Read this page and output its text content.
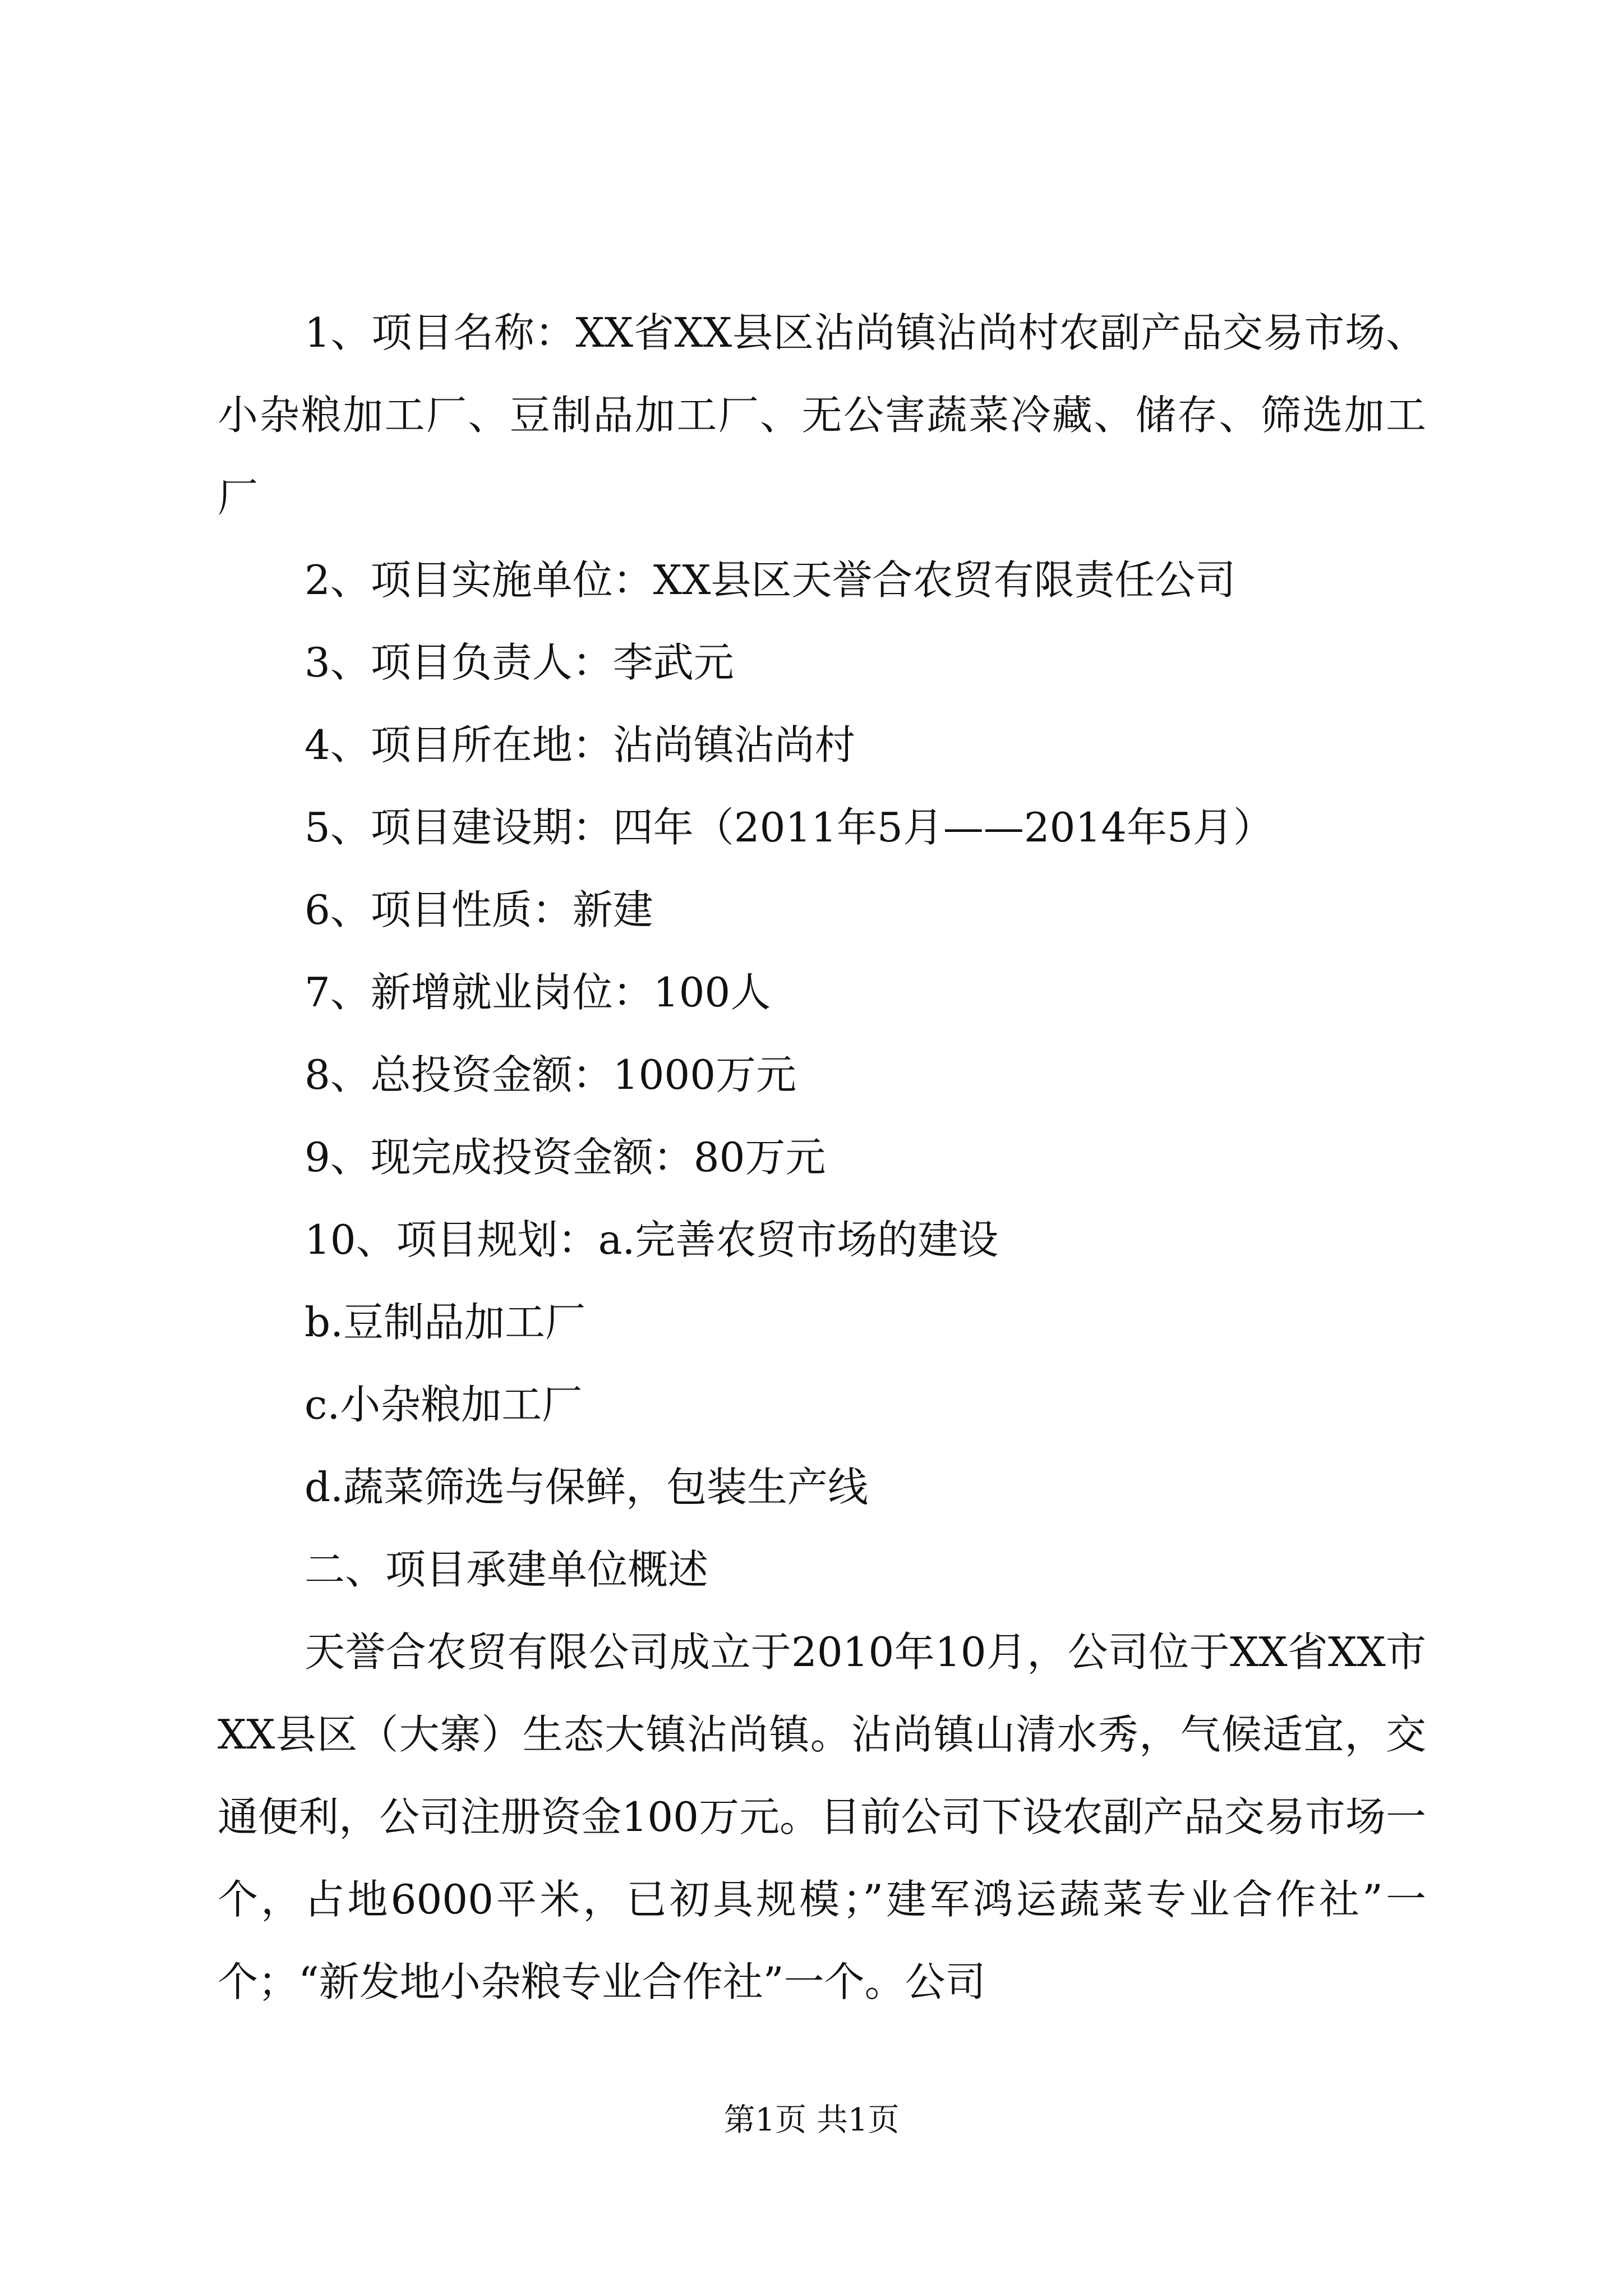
1、项目名称：XX省XX县区沾尚镇沾尚村农副产品交易市场、小杂粮加工厂、豆制品加工厂、无公害蔬菜冷藏、储存、筛选加工厂

2、项目实施单位：XX县区天誉合农贸有限责任公司

3、项目负责人：李武元

4、项目所在地：沾尚镇沾尚村

5、项目建设期：四年（2011年5月——2014年5月）

6、项目性质：新建

7、新增就业岗位：100人

8、总投资金额：1000万元

9、现完成投资金额：80万元

10、项目规划：a.完善农贸市场的建设

b.豆制品加工厂

c.小杂粮加工厂

d.蔬菜筛选与保鲜，包装生产线

二、项目承建单位概述

天誉合农贸有限公司成立于2010年10月，公司位于XX省XX市XX县区（大寨）生态大镇沾尚镇。沾尚镇山清水秀，气候适宜，交通便利，公司注册资金100万元。目前公司下设农副产品交易市场一个，占地6000平米，已初具规模；”建军鸿运蔬菜专业合作社”一个；“新发地小杂粮专业合作社”一个。公司

第1页 共1页
